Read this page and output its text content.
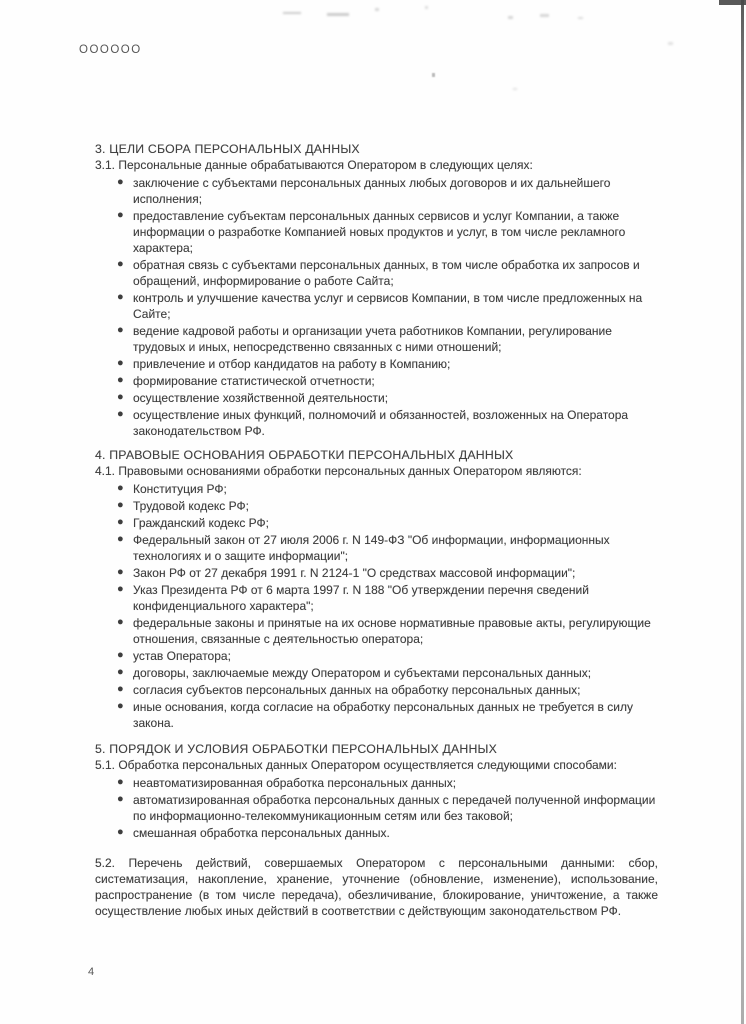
ОООООО
3. ЦЕЛИ СБОРА ПЕРСОНАЛЬНЫХ ДАННЫХ

3.1. Персональные данные обрабатываются Оператором в следующих целях:

● заключение с субъектами персональных данных любых договоров и их дальнейшего исполнения;
● предоставление субъектам персональных данных сервисов и услуг Компании, а также информации о разработке Компанией новых продуктов и услуг, в том числе рекламного характера;
● обратная связь с субъектами персональных данных, в том числе обработка их запросов и обращений, информирование о работе Сайта;
● контроль и улучшение качества услуг и сервисов Компании, в том числе предложенных на Сайте;
● ведение кадровой работы и организации учета работников Компании, регулирование трудовых и иных, непосредственно связанных с ними отношений;
● привлечение и отбор кандидатов на работу в Компанию;
● формирование статистической отчетности;
● осуществление хозяйственной деятельности;
● осуществление иных функций, полномочий и обязанностей, возложенных на Оператора законодательством РФ.
4. ПРАВОВЫЕ ОСНОВАНИЯ ОБРАБОТКИ ПЕРСОНАЛЬНЫХ ДАННЫХ

4.1. Правовыми основаниями обработки персональных данных Оператором являются:

● Конституция РФ;
● Трудовой кодекс РФ;
● Гражданский кодекс РФ;
● Федеральный закон от 27 июля 2006 г. N 149-ФЗ "Об информации, информационных технологиях и о защите информации";
● Закон РФ от 27 декабря 1991 г. N 2124-1 "О средствах массовой информации";
● Указ Президента РФ от 6 марта 1997 г. N 188 "Об утверждении перечня сведений конфиденциального характера";
● федеральные законы и принятые на их основе нормативные правовые акты, регулирующие отношения, связанные с деятельностью оператора;
● устав Оператора;
● договоры, заключаемые между Оператором и субъектами персональных данных;
● согласия субъектов персональных данных на обработку персональных данных;
● иные основания, когда согласие на обработку персональных данных не требуется в силу закона.
5. ПОРЯДОК И УСЛОВИЯ ОБРАБОТКИ ПЕРСОНАЛЬНЫХ ДАННЫХ

5.1. Обработка персональных данных Оператором осуществляется следующими способами:

● неавтоматизированная обработка персональных данных;
● автоматизированная обработка персональных данных с передачей полученной информации по информационно-телекоммуникационным сетям или без таковой;
● смешанная обработка персональных данных.

5.2. Перечень действий, совершаемых Оператором с персональными данными: сбор, систематизация, накопление, хранение, уточнение (обновление, изменение), использование, распространение (в том числе передача), обезличивание, блокирование, уничтожение, а также осуществление любых иных действий в соответствии с действующим законодательством РФ.

4
